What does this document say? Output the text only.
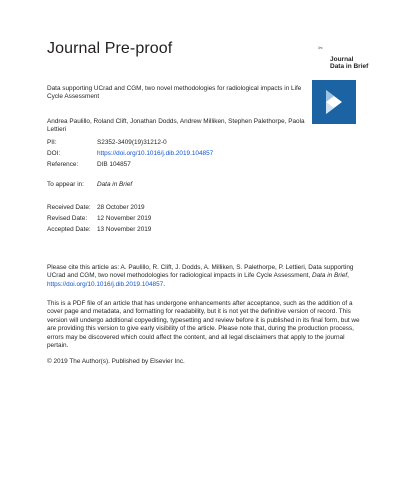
Journal Pre-proof	✂
Journal
Data in Brief
Data supporting UCrad and CGM, two novel methodologies for radiological impacts in Life Cycle Assessment
Andrea Paulillo, Roland Clift, Jonathan Dodds, Andrew Milliken, Stephen Palethorpe, Paola Lettieri
PII:	S2352-3409(19)31212-0
DOI:	https://doi.org/10.1016/j.dib.2019.104857
Reference:	DIB 104857
To appear in: Data in Brief
Received Date: 28 October 2019
Revised Date: 12 November 2019
Accepted Date: 13 November 2019
Please cite this article as: A. Paulillo, R. Clift, J. Dodds, A. Milliken, S. Palethorpe, P. Lettieri, Data supporting UCrad and CGM, two novel methodologies for radiological impacts in Life Cycle Assessment, Data in Brief, https://doi.org/10.1016/j.dib.2019.104857.
This is a PDF file of an article that has undergone enhancements after acceptance, such as the addition of a cover page and metadata, and formatting for readability, but it is not yet the definitive version of record. This version will undergo additional copyediting, typesetting and review before it is published in its final form, but we are providing this version to give early visibility of the article. Please note that, during the production process, errors may be discovered which could affect the content, and all legal disclaimers that apply to the journal pertain.
© 2019 The Author(s). Published by Elsevier Inc.
